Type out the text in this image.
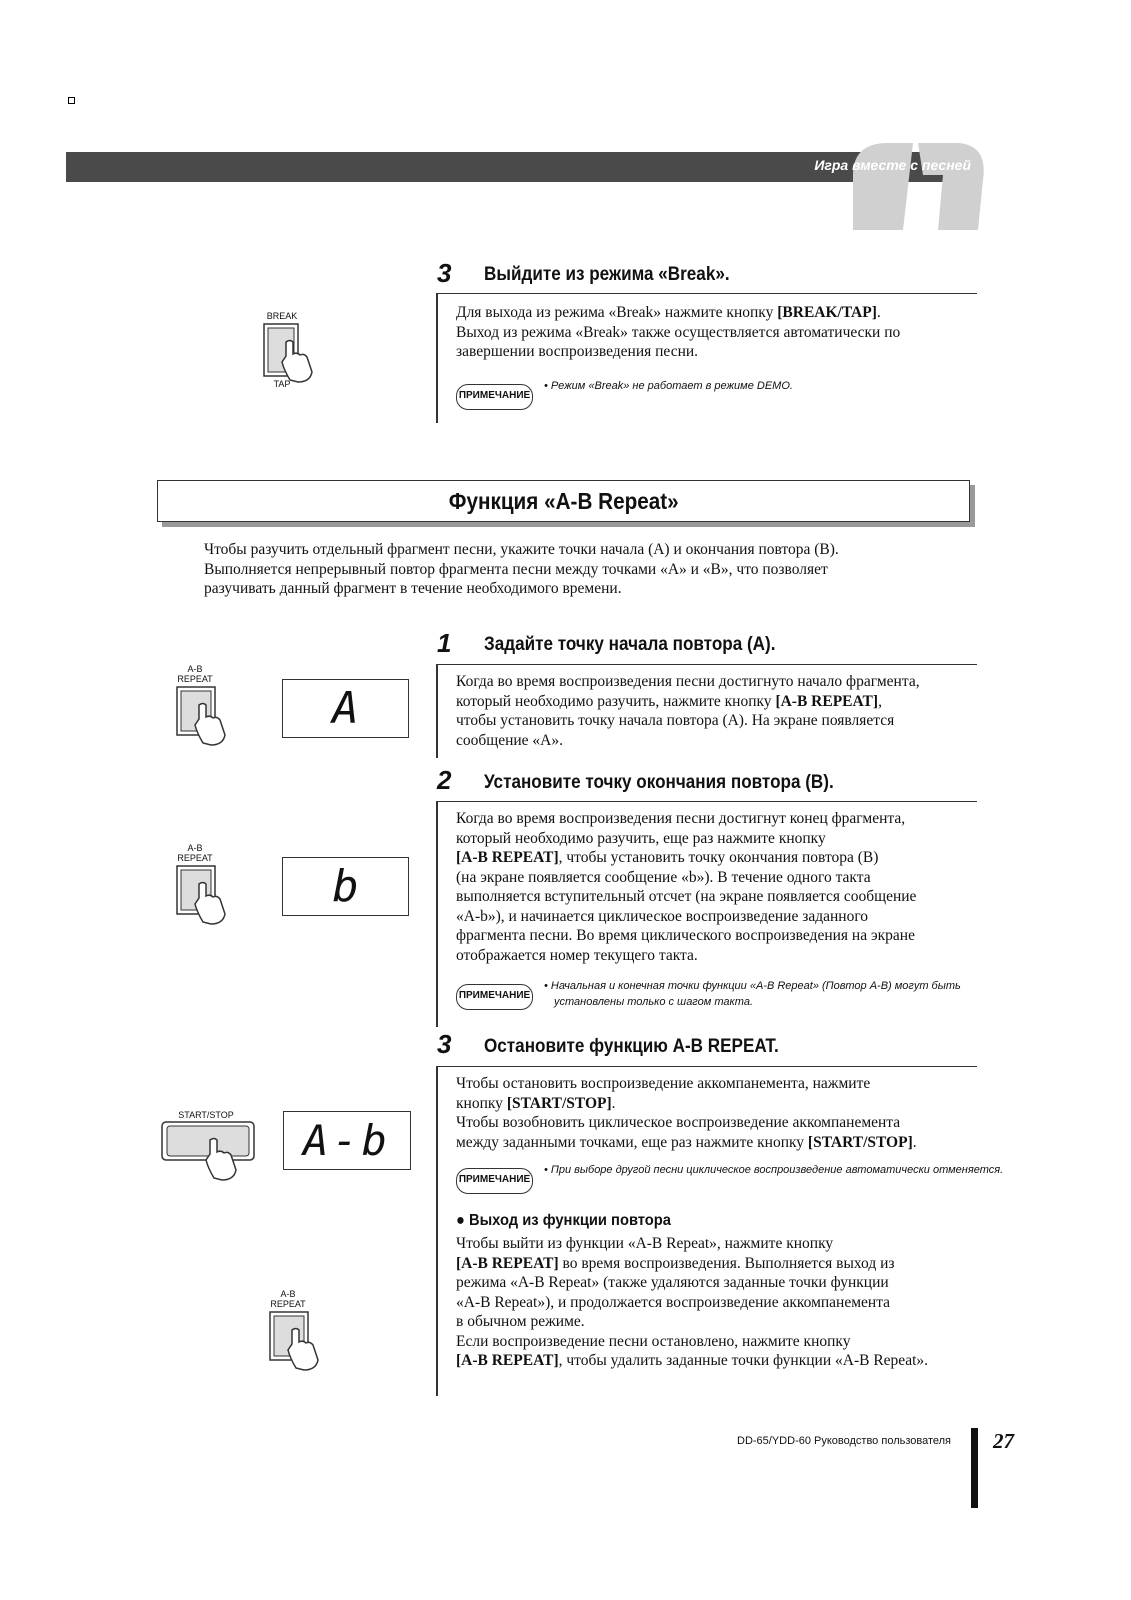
Игра вместе с песней
3 Выйдите из режима «Break».
Для выхода из режима «Break» нажмите кнопку [BREAK/TAP].
Выход из режима «Break» также осуществляется автоматически по
завершении воспроизведения песни.
ПРИМЕЧАНИЕ
• Режим «Break» не работает в режиме DEMO.
BREAK
TAP
Функция «A-B Repeat»
Чтобы разучить отдельный фрагмент песни, укажите точки начала (A) и окончания повтора (B).
Выполняется непрерывный повтор фрагмента песни между точками «A» и «B», что позволяет
разучивать данный фрагмент в течение необходимого времени.
1 Задайте точку начала повтора (A).
Когда во время воспроизведения песни достигнуто начало фрагмента,
который необходимо разучить, нажмите кнопку [A-B REPEAT],
чтобы установить точку начала повтора (A). На экране появляется
сообщение «A».
A-B
REPEAT
A
2 Установите точку окончания повтора (B).
Когда во время воспроизведения песни достигнут конец фрагмента,
который необходимо разучить, еще раз нажмите кнопку
[A-B REPEAT], чтобы установить точку окончания повтора (B)
(на экране появляется сообщение «b»). В течение одного такта
выполняется вступительный отсчет (на экране появляется сообщение
«A-b»), и начинается циклическое воспроизведение заданного
фрагмента песни. Во время циклического воспроизведения на экране
отображается номер текущего такта.
ПРИМЕЧАНИЕ
• Начальная и конечная точки функции «A-B Repeat» (Повтор A-B) могут быть
установлены только с шагом такта.
A-B
REPEAT
b
3 Остановите функцию A-B REPEAT.
Чтобы остановить воспроизведение аккомпанемента, нажмите
кнопку [START/STOP].
Чтобы возобновить циклическое воспроизведение аккомпанемента
между заданными точками, еще раз нажмите кнопку [START/STOP].
ПРИМЕЧАНИЕ
• При выборе другой песни циклическое воспроизведение автоматически отменяется.
START/STOP
A-b
● Выход из функции повтора
Чтобы выйти из функции «A-B Repeat», нажмите кнопку
[A-B REPEAT] во время воспроизведения. Выполняется выход из
режима «A-B Repeat» (также удаляются заданные точки функции
«A-B Repeat»), и продолжается воспроизведение аккомпанемента
в обычном режиме.
Если воспроизведение песни остановлено, нажмите кнопку
[A-B REPEAT], чтобы удалить заданные точки функции «A-B Repeat».
A-B
REPEAT
DD-65/YDD-60 Руководство пользователя 27
